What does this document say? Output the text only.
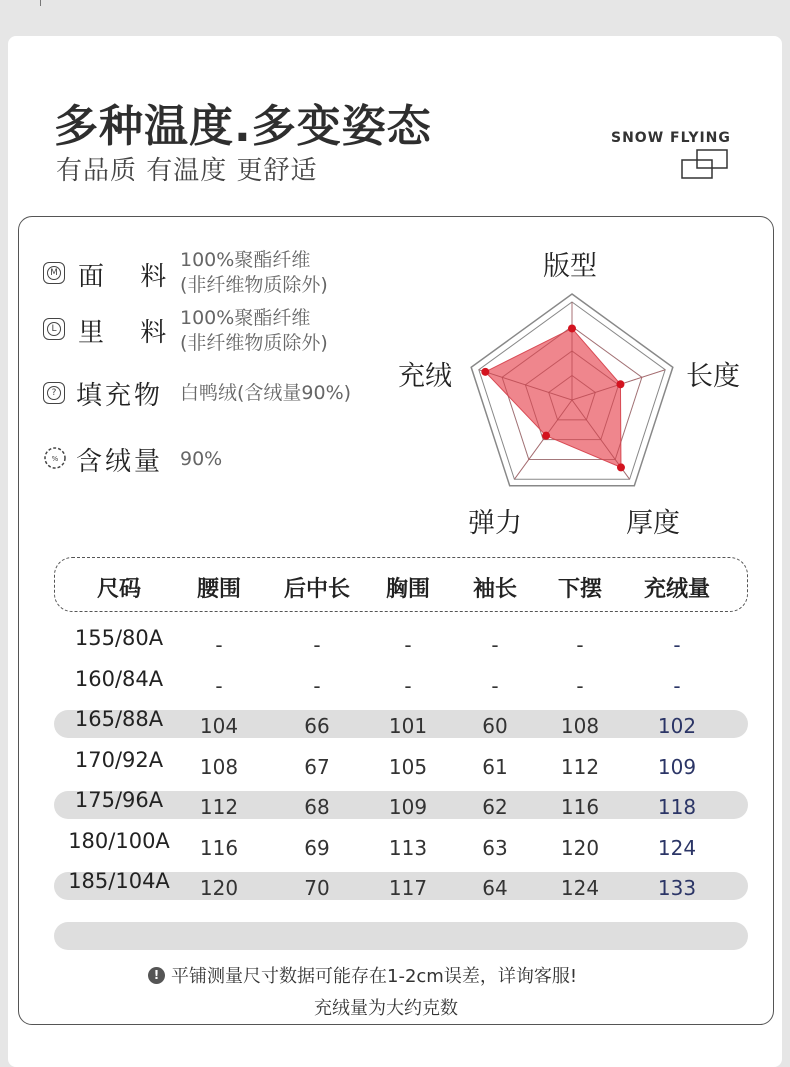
多种温度.多变姿态
有品质 有温度 更舒适
SNOW FLYING
M 面 料
100%聚酯纤维
(非纤维物质除外)
L 里 料 100%聚酯纤维
(非纤维物质除外)
? 填充物 白鸭绒(含绒量90%)
% 含绒量 90%
版型
长度
厚度
弹力
充绒
尺码	腰围 后中长 胸围 袖长 下摆 充绒量
155/80A	-	-	-	-	-	-
160/84A	-	-	-	-	-	-
165/88A 104	66	101	60	108	102
170/92A 108	67	105	61	112	109
175/96A 112	68	109	62	116	118
180/100A 116	69	113	63	120	124
185/104A 120	70	117	64	124	133
! 平铺测量尺寸数据可能存在1-2cm误差，详询客服!
充绒量为大约克数
